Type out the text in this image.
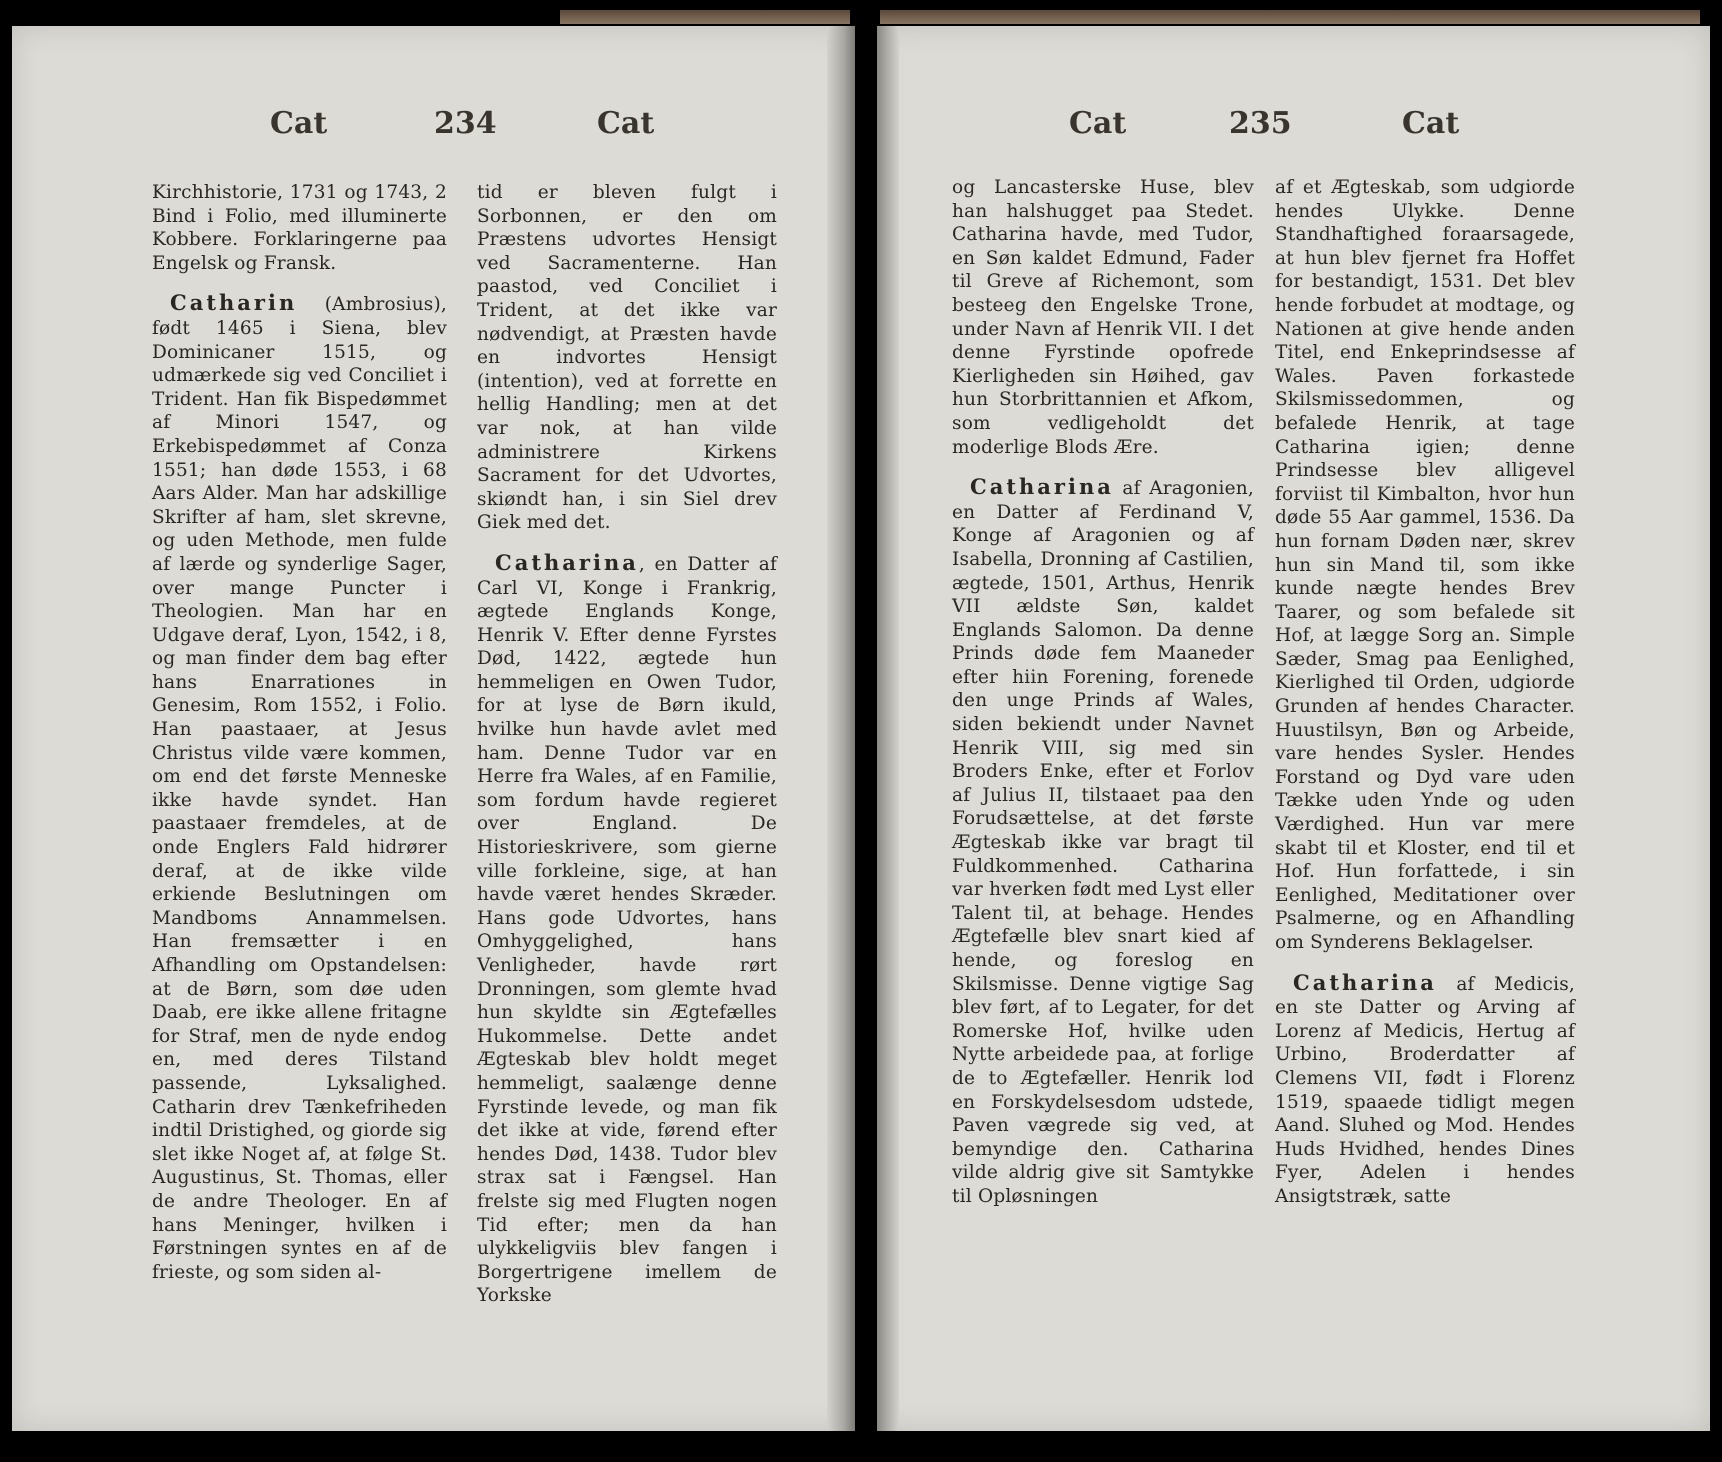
Cat	234	Cat

Kirchhistorie, 1731 og 1743, 2 Bind i Folio, med illuminerte Kobbere. Forklaringerne paa Engelsk og Fransk.

Catharin (Ambrosius), født 1465 i Siena, blev Dominicaner 1515, og udmærkede sig ved Conciliet i Trident. Han fik Bispedømmet af Minori 1547, og Erkebispedømmet af Conza 1551; han døde 1553, i 68 Aars Alder. Man har adskillige Skrifter af ham, slet skrevne, og uden Methode, men fulde af lærde og synderlige Sager, over mange Puncter i Theologien. Man har en Udgave deraf, Lyon, 1542, i 8, og man finder dem bag efter hans Enarrationes in Genesim, Rom 1552, i Folio. Han paastaaer, at Jesus Christus vilde være kommen, om end det første Menneske ikke havde syndet. Han paastaaer fremdeles, at de onde Englers Fald hidrører deraf, at de ikke vilde erkiende Beslutningen om Mandboms Annammelsen. Han fremsætter i en Afhandling om Opstandelsen: at de Børn, som døe uden Daab, ere ikke allene fritagne for Straf, men de nyde endog en, med deres Tilstand passende, Lyksalighed. Catharin drev Tænkefriheden indtil Dristighed, og giorde sig slet ikke Noget af, at følge St. Augustinus, St. Thomas, eller de andre Theologer. En af hans Meninger, hvilken i Førstningen syntes en af de frieste, og som siden al-

tid er bleven fulgt i Sorbonnen, er den om Præstens udvortes Hensigt ved Sacramenterne. Han paastod, ved Conciliet i Trident, at det ikke var nødvendigt, at Præsten havde en indvortes Hensigt (intention), ved at forrette en hellig Handling; men at det var nok, at han vilde administrere Kirkens Sacrament for det Udvortes, skiøndt han, i sin Siel drev Giek med det.

Catharina, en Datter af Carl VI, Konge i Frankrig, ægtede Englands Konge, Henrik V. Efter denne Fyrstes Død, 1422, ægtede hun hemmeligen en Owen Tudor, for at lyse de Børn ikuld, hvilke hun havde avlet med ham. Denne Tudor var en Herre fra Wales, af en Familie, som fordum havde regieret over England. De Historieskrivere, som gierne ville forkleine, sige, at han havde været hendes Skræder. Hans gode Udvortes, hans Omhyggelighed, hans Venligheder, havde rørt Dronningen, som glemte hvad hun skyldte sin Ægtefælles Hukommelse. Dette andet Ægteskab blev holdt meget hemmeligt, saalænge denne Fyrstinde levede, og man fik det ikke at vide, førend efter hendes Død, 1438. Tudor blev strax sat i Fængsel. Han frelste sig med Flugten nogen Tid efter; men da han ulykkeligviis blev fangen i Borgertrigene imellem de Yorkske

Cat	235	Cat

og Lancasterske Huse, blev han halshugget paa Stedet. Catharina havde, med Tudor, en Søn kaldet Edmund, Fader til Greve af Richemont, som besteeg den Engelske Trone, under Navn af Henrik VII. I det denne Fyrstinde opofrede Kierligheden sin Høihed, gav hun Storbrittannien et Afkom, som vedligeholdt det moderlige Blods Ære.

Catharina af Aragonien, en Datter af Ferdinand V, Konge af Aragonien og af Isabella, Dronning af Castilien, ægtede, 1501, Arthus, Henrik VII ældste Søn, kaldet Englands Salomon. Da denne Prinds døde fem Maaneder efter hiin Forening, forenede den unge Prinds af Wales, siden bekiendt under Navnet Henrik VIII, sig med sin Broders Enke, efter et Forlov af Julius II, tilstaaet paa den Forudsættelse, at det første Ægteskab ikke var bragt til Fuldkommenhed. Catharina var hverken født med Lyst eller Talent til, at behage. Hendes Ægtefælle blev snart kied af hende, og foreslog en Skilsmisse. Denne vigtige Sag blev ført, af to Legater, for det Romerske Hof, hvilke uden Nytte arbeidede paa, at forlige de to Ægtefæller. Henrik lod en Forskydelsesdom udstede, Paven vægrede sig ved, at bemyndige den. Catharina vilde aldrig give sit Samtykke til Opløsningen

af et Ægteskab, som udgiorde hendes Ulykke. Denne Standhaftighed foraarsagede, at hun blev fjernet fra Hoffet for bestandigt, 1531. Det blev hende forbudet at modtage, og Nationen at give hende anden Titel, end Enkeprindsesse af Wales. Paven forkastede Skilsmissedommen, og befalede Henrik, at tage Catharina igien; denne Prindsesse blev alligevel forviist til Kimbalton, hvor hun døde 55 Aar gammel, 1536. Da hun fornam Døden nær, skrev hun sin Mand til, som ikke kunde nægte hendes Brev Taarer, og som befalede sit Hof, at lægge Sorg an. Simple Sæder, Smag paa Eenlighed, Kierlighed til Orden, udgiorde Grunden af hendes Character. Huustilsyn, Bøn og Arbeide, vare hendes Sysler. Hendes Forstand og Dyd vare uden Tække uden Ynde og uden Værdighed. Hun var mere skabt til et Kloster, end til et Hof. Hun forfattede, i sin Eenlighed, Meditationer over Psalmerne, og en Afhandling om Synderens Beklagelser.

Catharina af Medicis, en ste Datter og Arving af Lorenz af Medicis, Hertug af Urbino, Broderdatter af Clemens VII, født i Florenz 1519, spaaede tidligt megen Aand. Sluhed og Mod. Hendes Huds Hvidhed, hendes Dines Fyer, Adelen i hendes Ansigtstræk, satte
